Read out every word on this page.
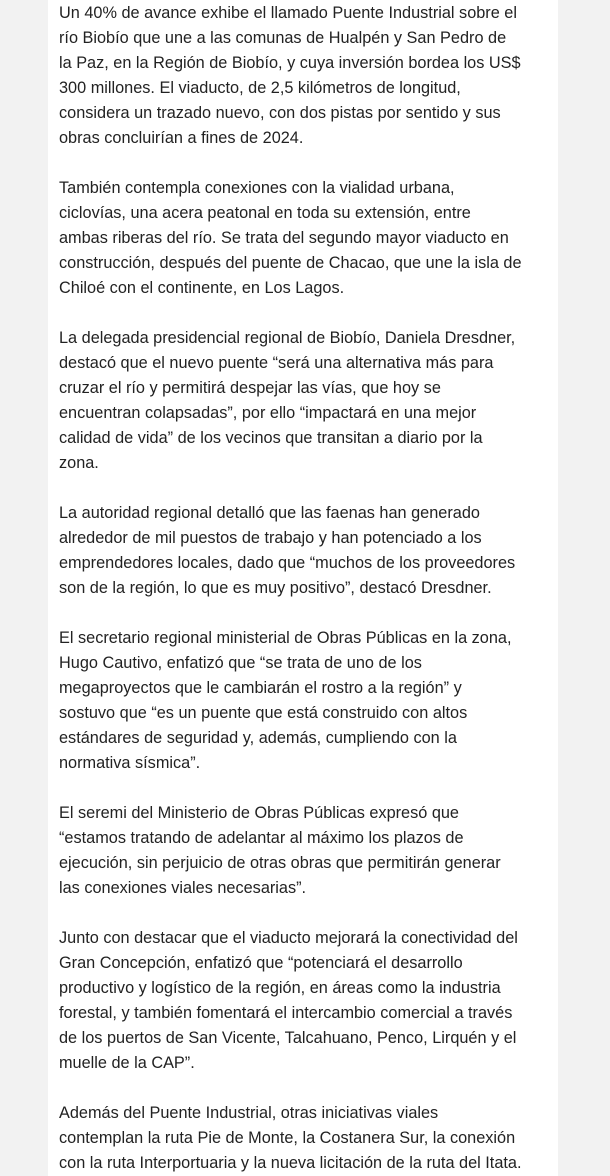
Un 40% de avance exhibe el llamado Puente Industrial sobre el
río Biobío que une a las comunas de Hualpén y San Pedro de
la Paz, en la Región de Biobío, y cuya inversión bordea los US$
300 millones. El viaducto, de 2,5 kilómetros de longitud,
considera un trazado nuevo, con dos pistas por sentido y sus
obras concluirían a fines de 2024.

También contempla conexiones con la vialidad urbana,
ciclovías, una acera peatonal en toda su extensión, entre
ambas riberas del río. Se trata del segundo mayor viaducto en
construcción, después del puente de Chacao, que une la isla de
Chiloé con el continente, en Los Lagos.

La delegada presidencial regional de Biobío, Daniela Dresdner,
destacó que el nuevo puente “será una alternativa más para
cruzar el río y permitirá despejar las vías, que hoy se
encuentran colapsadas”, por ello “impactará en una mejor
calidad de vida” de los vecinos que transitan a diario por la
zona.

La autoridad regional detalló que las faenas han generado
alrededor de mil puestos de trabajo y han potenciado a los
emprendedores locales, dado que “muchos de los proveedores
son de la región, lo que es muy positivo”, destacó Dresdner.

El secretario regional ministerial de Obras Públicas en la zona,
Hugo Cautivo, enfatizó que “se trata de uno de los
megaproyectos que le cambiarán el rostro a la región” y
sostuvo que “es un puente que está construido con altos
estándares de seguridad y, además, cumpliendo con la
normativa sísmica”.

El seremi del Ministerio de Obras Públicas expresó que
“estamos tratando de adelantar al máximo los plazos de
ejecución, sin perjuicio de otras obras que permitirán generar
las conexiones viales necesarias”.

Junto con destacar que el viaducto mejorará la conectividad del
Gran Concepción, enfatizó que “potenciará el desarrollo
productivo y logístico de la región, en áreas como la industria
forestal, y también fomentará el intercambio comercial a través
de los puertos de San Vicente, Talcahuano, Penco, Lirquén y el
muelle de la CAP”.

Además del Puente Industrial, otras iniciativas viales
contemplan la ruta Pie de Monte, la Costanera Sur, la conexión
con la ruta Interportuaria y la nueva licitación de la ruta del Itata.
